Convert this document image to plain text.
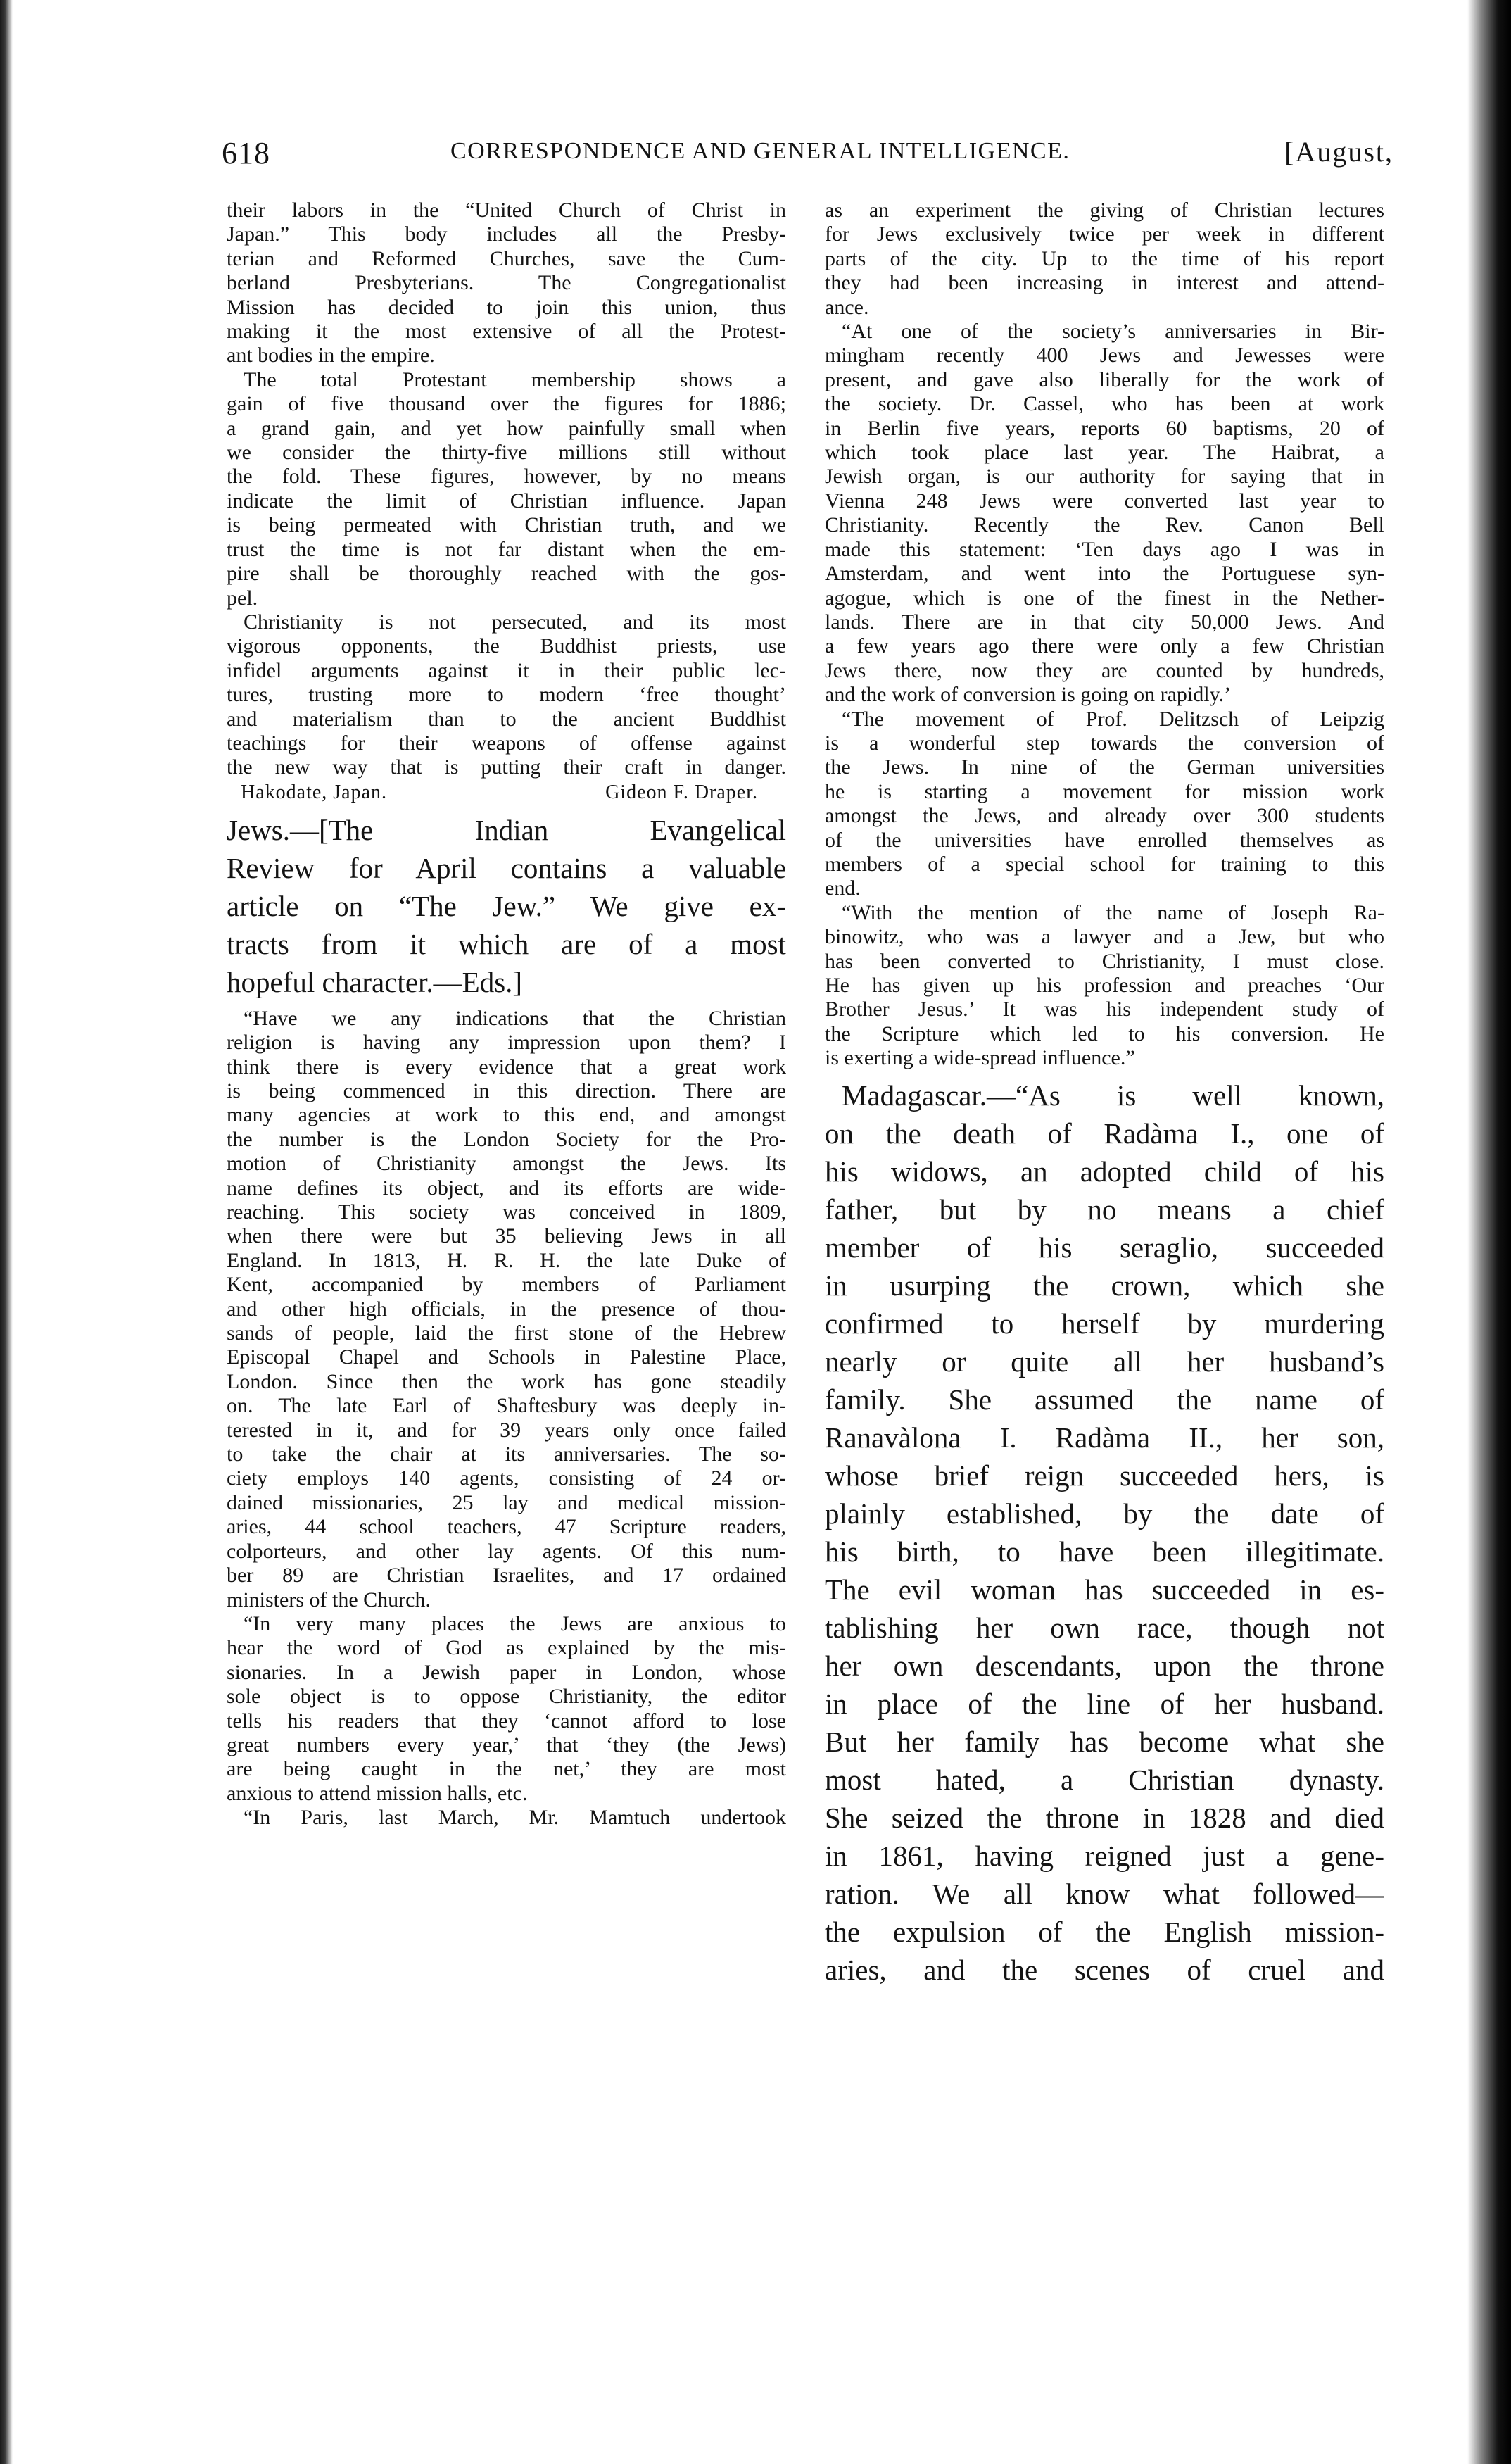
618	CORRESPONDENCE AND GENERAL INTELLIGENCE.	[August,
their labors in the “United Church of Christ in
Japan.” This body includes all the Presby-
terian and Reformed Churches, save the Cum-
berland Presbyterians. The Congregationalist
Mission has decided to join this union, thus
making it the most extensive of all the Protest-
ant bodies in the empire.
The total Protestant membership shows a
gain of five thousand over the figures for 1886;
a grand gain, and yet how painfully small when
we consider the thirty-five millions still without
the fold. These figures, however, by no means
indicate the limit of Christian influence. Japan
is being permeated with Christian truth, and we
trust the time is not far distant when the em-
pire shall be thoroughly reached with the gos-
pel.
Christianity is not persecuted, and its most
vigorous opponents, the Buddhist priests, use
infidel arguments against it in their public lec-
tures, trusting more to modern ‘free thought’
and materialism than to the ancient Buddhist
teachings for their weapons of offense against
the new way that is putting their craft in danger.
Hakodate, Japan.	Gideon F. Draper.
Jews.—[The Indian Evangelical
Review for April contains a valuable
article on “The Jew.” We give ex-
tracts from it which are of a most
hopeful character.—Eds.]
“Have we any indications that the Christian
religion is having any impression upon them? I
think there is every evidence that a great work
is being commenced in this direction. There are
many agencies at work to this end, and amongst
the number is the London Society for the Pro-
motion of Christianity amongst the Jews. Its
name defines its object, and its efforts are wide-
reaching. This society was conceived in 1809,
when there were but 35 believing Jews in all
England. In 1813, H. R. H. the late Duke of
Kent, accompanied by members of Parliament
and other high officials, in the presence of thou-
sands of people, laid the first stone of the Hebrew
Episcopal Chapel and Schools in Palestine Place,
London. Since then the work has gone steadily
on. The late Earl of Shaftesbury was deeply in-
terested in it, and for 39 years only once failed
to take the chair at its anniversaries. The so-
ciety employs 140 agents, consisting of 24 or-
dained missionaries, 25 lay and medical mission-
aries, 44 school teachers, 47 Scripture readers,
colporteurs, and other lay agents. Of this num-
ber 89 are Christian Israelites, and 17 ordained
ministers of the Church.
“In very many places the Jews are anxious to
hear the word of God as explained by the mis-
sionaries. In a Jewish paper in London, whose
sole object is to oppose Christianity, the editor
tells his readers that they ‘cannot afford to lose
great numbers every year,’ that ‘they (the Jews)
are being caught in the net,’ they are most
anxious to attend mission halls, etc.
“In Paris, last March, Mr. Mamtuch undertook
as an experiment the giving of Christian lectures
for Jews exclusively twice per week in different
parts of the city. Up to the time of his report
they had been increasing in interest and attend-
ance.
“At one of the society’s anniversaries in Bir-
mingham recently 400 Jews and Jewesses were
present, and gave also liberally for the work of
the society. Dr. Cassel, who has been at work
in Berlin five years, reports 60 baptisms, 20 of
which took place last year. The Haibrat, a
Jewish organ, is our authority for saying that in
Vienna 248 Jews were converted last year to
Christianity. Recently the Rev. Canon Bell
made this statement: ‘Ten days ago I was in
Amsterdam, and went into the Portuguese syn-
agogue, which is one of the finest in the Nether-
lands. There are in that city 50,000 Jews. And
a few years ago there were only a few Christian
Jews there, now they are counted by hundreds,
and the work of conversion is going on rapidly.’
“The movement of Prof. Delitzsch of Leipzig
is a wonderful step towards the conversion of
the Jews. In nine of the German universities
he is starting a movement for mission work
amongst the Jews, and already over 300 students
of the universities have enrolled themselves as
members of a special school for training to this
end.
“With the mention of the name of Joseph Ra-
binowitz, who was a lawyer and a Jew, but who
has been converted to Christianity, I must close.
He has given up his profession and preaches ‘Our
Brother Jesus.’ It was his independent study of
the Scripture which led to his conversion. He
is exerting a wide-spread influence.”
Madagascar.—“As is well known,
on the death of Radàma I., one of
his widows, an adopted child of his
father, but by no means a chief
member of his seraglio, succeeded
in usurping the crown, which she
confirmed to herself by murdering
nearly or quite all her husband’s
family. She assumed the name of
Ranavàlona I. Radàma II., her son,
whose brief reign succeeded hers, is
plainly established, by the date of
his birth, to have been illegitimate.
The evil woman has succeeded in es-
tablishing her own race, though not
her own descendants, upon the throne
in place of the line of her husband.
But her family has become what she
most hated, a Christian dynasty.
She seized the throne in 1828 and died
in 1861, having reigned just a gene-
ration. We all know what followed—
the expulsion of the English mission-
aries, and the scenes of cruel and
